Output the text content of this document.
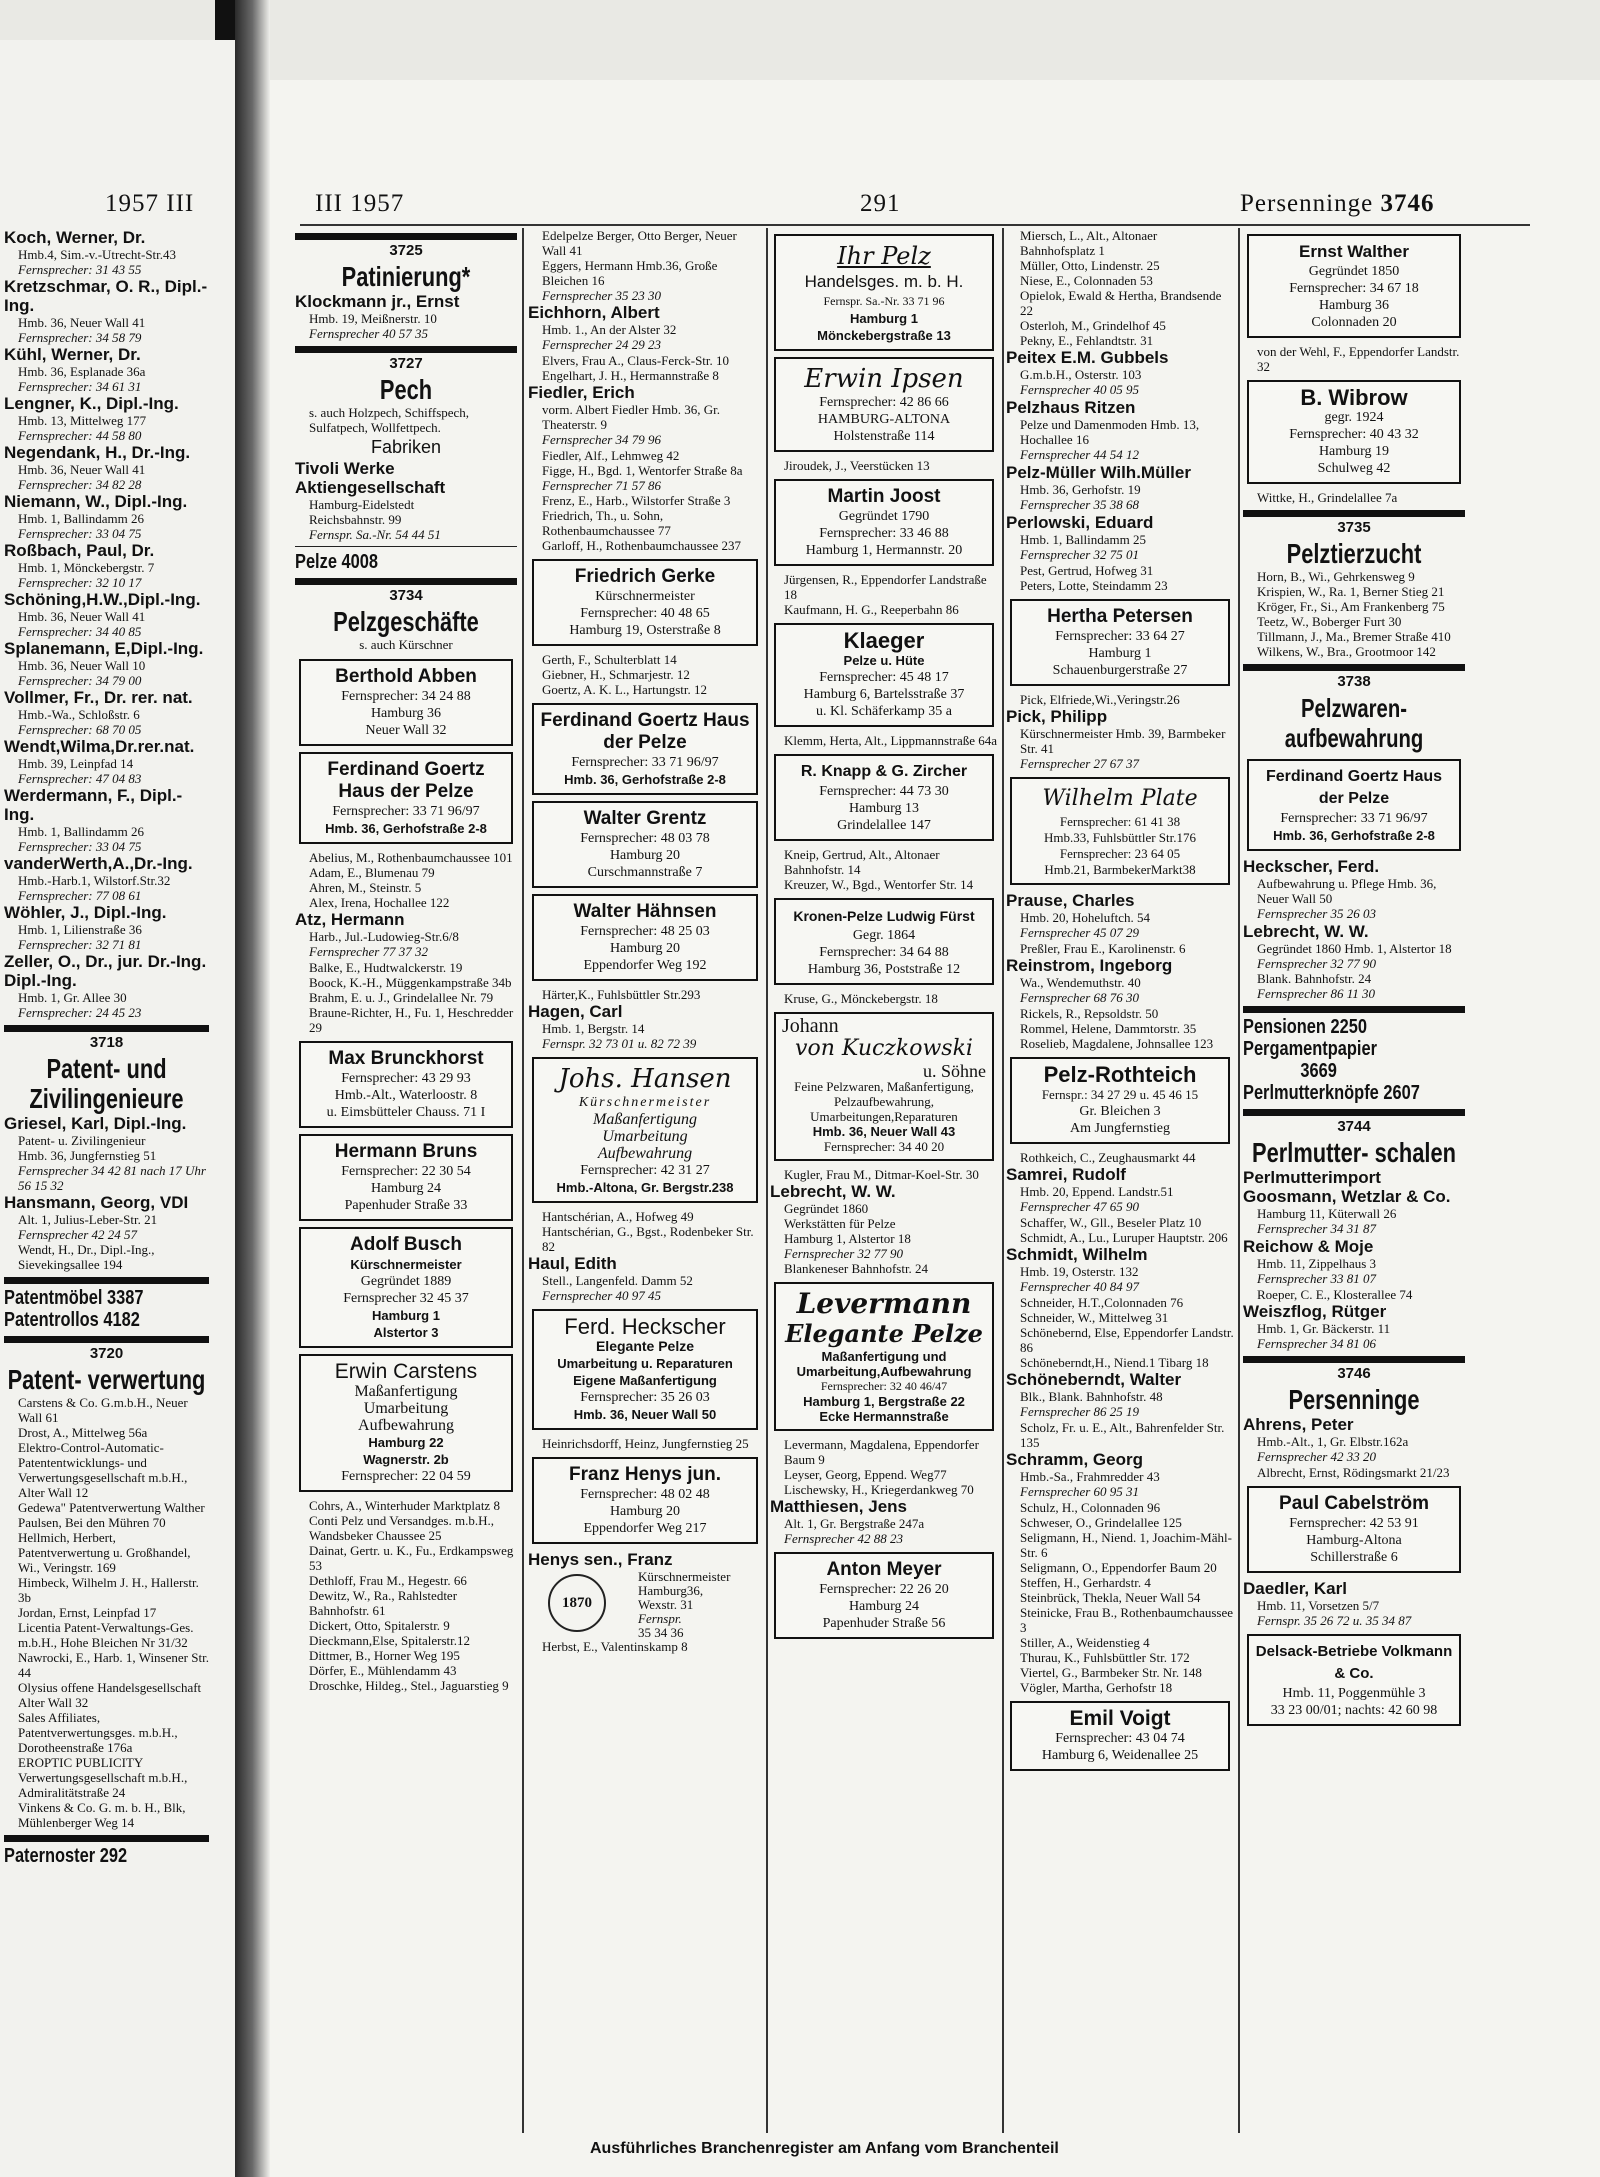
1957 III	III 1957	291	Persenninge 3746
Koch, Werner, Dr.
Hmb.4, Sim.-v.-Utrecht-Str.43
Fernsprecher: 31 43 55
Kretzschmar, O. R., Dipl.-Ing.
Hmb. 36, Neuer Wall 41
Fernsprecher: 34 58 79
Kühl, Werner, Dr.
Hmb. 36, Esplanade 36a
Fernsprecher: 34 61 31
Lengner, K., Dipl.-Ing.
Hmb. 13, Mittelweg 177
Fernsprecher: 44 58 80
Negendank, H., Dr.-Ing.
Hmb. 36, Neuer Wall 41
Fernsprecher: 34 82 28
Niemann, W., Dipl.-Ing.
Hmb. 1, Ballindamm 26
Fernsprecher: 33 04 75
Roßbach, Paul, Dr.
Hmb. 1, Mönckebergstr. 7
Fernsprecher: 32 10 17
Schöning,H.W.,Dipl.-Ing.
Hmb. 36, Neuer Wall 41
Fernsprecher: 34 40 85
Splanemann, E,Dipl.-Ing.
Hmb. 36, Neuer Wall 10
Fernsprecher: 34 79 00
Vollmer, Fr., Dr. rer. nat.
Hmb.-Wa., Schloßstr. 6
Fernsprecher: 68 70 05
Wendt,Wilma,Dr.rer.nat.
Hmb. 39, Leinpfad 14
Fernsprecher: 47 04 83
Werdermann, F., Dipl.-Ing.
Hmb. 1, Ballindamm 26
Fernsprecher: 33 04 75
vanderWerth,A.,Dr.-Ing.
Hmb.-Harb.1, Wilstorf.Str.32
Fernsprecher: 77 08 61
Wöhler, J., Dipl.-Ing.
Hmb. 1, Lilienstraße 36
Fernsprecher: 32 71 81
Zeller, O., Dr., jur. Dr.-Ing. Dipl.-Ing.
Hmb. 1, Gr. Allee 30
Fernsprecher: 24 45 23
3718
Patent- und Zivilingenieure
Griesel, Karl, Dipl.-Ing.
Patent- u. Zivilingenieur
Hmb. 36, Jungfernstieg 51
Fernsprecher 34 42 81 nach 17 Uhr 56 15 32
Hansmann, Georg, VDI
Alt. 1, Julius-Leber-Str. 21
Fernsprecher 42 24 57
Wendt, H., Dr., Dipl.-Ing., Sievekingsallee 194
Patentmöbel 3387
Patentrollos 4182
3720
Patent- verwertung
Carstens & Co. G.m.b.H., Neuer Wall 61
Drost, A., Mittelweg 56a
Elektro-Control-Automatic-Patententwicklungs- und Verwertungsgesellschaft m.b.H., Alter Wall 12
Gedewa" Patentverwertung Walther Paulsen, Bei den Mühren 70
Hellmich, Herbert, Patentverwertung u. Großhandel, Wi., Veringstr. 169
Himbeck, Wilhelm J. H., Hallerstr. 3b
Jordan, Ernst, Leinpfad 17
Licentia Patent-Verwaltungs-Ges. m.b.H., Hohe Bleichen Nr 31/32
Nawrocki, E., Harb. 1, Winsener Str. 44
Olysius offene Handelsgesellschaft Alter Wall 32
Sales Affiliates, Patentverwertungsges. m.b.H., Dorotheenstraße 176a
EROPTIC PUBLICITY Verwertungsgesellschaft m.b.H., Admiralitätstraße 24
Vinkens & Co. G. m. b. H., Blk, Mühlenberger Weg 14
Paternoster 292
3725
Patinierung*
Klockmann jr., Ernst
Hmb. 19, Meißnerstr. 10
Fernsprecher 40 57 35
3727
Pech
s. auch Holzpech, Schiffspech, Sulfatpech, Wollfettpech.
Fabriken
Tivoli Werke Aktiengesellschaft
Hamburg-Eidelstedt
Reichsbahnstr. 99
Fernspr. Sa.-Nr. 54 44 51
Pelze 4008
3734
Pelzgeschäfte
s. auch Kürschner
Berthold Abben
Fernsprecher: 34 24 88
Hamburg 36
Neuer Wall 32
Ferdinand Goertz Haus der Pelze
Fernsprecher: 33 71 96/97
Hmb. 36, Gerhofstraße 2-8
Abelius, M., Rothenbaumchaussee 101
Adam, E., Blumenau 79
Ahren, M., Steinstr. 5
Alex, Irena, Hochallee 122
Atz, Hermann
Harb., Jul.-Ludowieg-Str.6/8
Fernsprecher 77 37 32
Balke, E., Hudtwalckerstr. 19
Boock, K.-H., Müggenkampstraße 34b
Brahm, E. u. J., Grindelallee Nr. 79
Braune-Richter, H., Fu. 1, Heschredder 29
Max Brunckhorst
Fernsprecher: 43 29 93
Hmb.-Alt., Waterloostr. 8
u. Eimsbütteler Chauss. 71 I
Hermann Bruns
Fernsprecher: 22 30 54
Hamburg 24
Papenhuder Straße 33
Adolf Busch
Kürschnermeister
Gegründet 1889
Fernsprecher 32 45 37
Hamburg 1
Alstertor 3
Erwin Carstens
Maßanfertigung
Umarbeitung
Aufbewahrung
Hamburg 22
Wagnerstr. 2b
Fernsprecher: 22 04 59
Cohrs, A., Winterhuder Marktplatz 8
Conti Pelz und Versandges. m.b.H., Wandsbeker Chaussee 25
Dainat, Gertr. u. K., Fu., Erdkampsweg 53
Dethloff, Frau M., Hegestr. 66
Dewitz, W., Ra., Rahlstedter Bahnhofstr. 61
Dickert, Otto, Spitalerstr. 9
Dieckmann,Else, Spitalerstr.12
Dittmer, B., Horner Weg 195
Dörfer, E., Mühlendamm 43
Droschke, Hildeg., Stel., Jaguarstieg 9
Edelpelze Berger, Otto Berger, Neuer Wall 41
Eggers, Hermann Hmb.36, Große Bleichen 16
Fernsprecher 35 23 30
Eichhorn, Albert
Hmb. 1., An der Alster 32
Fernsprecher 24 29 23
Elvers, Frau A., Claus-Ferck-Str. 10
Engelhart, J. H., Hermannstraße 8
Fiedler, Erich
vorm. Albert Fiedler Hmb. 36, Gr. Theaterstr. 9
Fernsprecher 34 79 96
Fiedler, Alf., Lehmweg 42
Figge, H., Bgd. 1, Wentorfer Straße 8a
Fernsprecher 71 57 86
Frenz, E., Harb., Wilstorfer Straße 3
Friedrich, Th., u. Sohn, Rothenbaumchaussee 77
Garloff, H., Rothenbaumchaussee 237
Friedrich Gerke
Kürschnermeister
Fernsprecher: 40 48 65
Hamburg 19, Osterstraße 8
Gerth, F., Schulterblatt 14
Giebner, H., Schmarjestr. 12
Goertz, A. K. L., Hartungstr. 12
Ferdinand Goertz Haus der Pelze
Fernsprecher: 33 71 96/97
Hmb. 36, Gerhofstraße 2-8
Walter Grentz
Fernsprecher: 48 03 78
Hamburg 20
Curschmannstraße 7
Walter Hähnsen
Fernsprecher: 48 25 03
Hamburg 20
Eppendorfer Weg 192
Härter,K., Fuhlsbüttler Str.293
Hagen, Carl
Hmb. 1, Bergstr. 14
Fernspr. 32 73 01 u. 82 72 39
Johs. Hansen
Kürschnermeister
Maßanfertigung
Umarbeitung
Aufbewahrung
Fernsprecher: 42 31 27
Hmb.-Altona, Gr. Bergstr.238
Hantschérian, A., Hofweg 49
Hantschérian, G., Bgst., Rodenbeker Str. 82
Haul, Edith
Stell., Langenfeld. Damm 52
Fernsprecher 40 97 45
Ferd. Heckscher
Elegante Pelze
Umarbeitung u. Reparaturen
Eigene Maßanfertigung
Fernsprecher: 35 26 03
Hmb. 36, Neuer Wall 50
Heinrichsdorff, Heinz, Jungfernstieg 25
Franz Henys jun.
Fernsprecher: 48 02 48
Hamburg 20
Eppendorfer Weg 217
Henys sen., Franz
1870
Kürschnermeister
Hamburg36,
Wexstr. 31
Fernspr.
35 34 36
Herbst, E., Valentinskamp 8
Ihr Pelz
Handelsges. m. b. H.
Fernspr. Sa.-Nr. 33 71 96
Hamburg 1
Mönckebergstraße 13
Erwin Ipsen
Fernsprecher: 42 86 66
HAMBURG-ALTONA
Holstenstraße 114
Jiroudek, J., Veerstücken 13
Martin Joost
Gegründet 1790
Fernsprecher: 33 46 88
Hamburg 1, Hermannstr. 20
Jürgensen, R., Eppendorfer Landstraße 18
Kaufmann, H. G., Reeperbahn 86
Klaeger
Pelze u. Hüte
Fernsprecher: 45 48 17
Hamburg 6, Bartelsstraße 37
u. Kl. Schäferkamp 35 a
Klemm, Herta, Alt., Lippmannstraße 64a
R. Knapp & G. Zircher
Fernsprecher: 44 73 30
Hamburg 13
Grindelallee 147
Kneip, Gertrud, Alt., Altonaer Bahnhofstr. 14
Kreuzer, W., Bgd., Wentorfer Str. 14
Kronen-Pelze Ludwig Fürst
Gegr. 1864
Fernsprecher: 34 64 88
Hamburg 36, Poststraße 12
Kruse, G., Mönckebergstr. 18
Johann
von Kuczkowski
u. Söhne
Feine Pelzwaren, Maßanfertigung, Pelzaufbewahrung, Umarbeitungen,Reparaturen
Hmb. 36, Neuer Wall 43
Fernsprecher: 34 40 20
Kugler, Frau M., Ditmar-Koel-Str. 30
Lebrecht, W. W.
Gegründet 1860
Werkstätten für Pelze
Hamburg 1, Alstertor 18
Fernsprecher 32 77 90
Blankeneser Bahnhofstr. 24
Levermann
Elegante Pelze
Maßanfertigung und
Umarbeitung,Aufbewahrung
Fernsprecher: 32 40 46/47
Hamburg 1, Bergstraße 22
Ecke Hermannstraße
Levermann, Magdalena, Eppendorfer Baum 9
Leyser, Georg, Eppend. Weg77
Lischewsky, H., Kriegerdankweg 70
Matthiesen, Jens
Alt. 1, Gr. Bergstraße 247a
Fernsprecher 42 88 23
Anton Meyer
Fernsprecher: 22 26 20
Hamburg 24
Papenhuder Straße 56
Miersch, L., Alt., Altonaer Bahnhofsplatz 1
Müller, Otto, Lindenstr. 25
Niese, E., Colonnaden 53
Opielok, Ewald & Hertha, Brandsende 22
Osterloh, M., Grindelhof 45
Pekny, E., Fehlandtstr. 31
Peitex E.M. Gubbels
G.m.b.H., Osterstr. 103
Fernsprecher 40 05 95
Pelzhaus Ritzen
Pelze und Damenmoden Hmb. 13, Hochallee 16
Fernsprecher 44 54 12
Pelz-Müller Wilh.Müller
Hmb. 36, Gerhofstr. 19
Fernsprecher 35 38 68
Perlowski, Eduard
Hmb. 1, Ballindamm 25
Fernsprecher 32 75 01
Pest, Gertrud, Hofweg 31
Peters, Lotte, Steindamm 23
Hertha Petersen
Fernsprecher: 33 64 27
Hamburg 1
Schauenburgerstraße 27
Pick, Elfriede,Wi.,Veringstr.26
Pick, Philipp
Kürschnermeister Hmb. 39, Barmbeker Str. 41
Fernsprecher 27 67 37
Wilhelm Plate
Fernsprecher: 61 41 38
Hmb.33, Fuhlsbüttler Str.176
Fernsprecher: 23 64 05
Hmb.21, BarmbekerMarkt38
Prause, Charles
Hmb. 20, Hoheluftch. 54
Fernsprecher 45 07 29
Preßler, Frau E., Karolinenstr. 6
Reinstrom, Ingeborg
Wa., Wendemuthstr. 40
Fernsprecher 68 76 30
Rickels, R., Repsoldstr. 50
Rommel, Helene, Dammtorstr. 35
Roselieb, Magdalene, Johnsallee 123
Pelz-Rothteich
Fernspr.: 34 27 29 u. 45 46 15
Gr. Bleichen 3
Am Jungfernstieg
Rothkeich, C., Zeughausmarkt 44
Samrei, Rudolf
Hmb. 20, Eppend. Landstr.51
Fernsprecher 47 65 90
Schaffer, W., Gll., Beseler Platz 10
Schmidt, A., Lu., Luruper Hauptstr. 206
Schmidt, Wilhelm
Hmb. 19, Osterstr. 132
Fernsprecher 40 84 97
Schneider, H.T.,Colonnaden 76
Schneider, W., Mittelweg 31
Schönebernd, Else, Eppendorfer Landstr. 86
Schöneberndt,H., Niend.1 Tibarg 18
Schöneberndt, Walter
Blk., Blank. Bahnhofstr. 48
Fernsprecher 86 25 19
Scholz, Fr. u. E., Alt., Bahrenfelder Str. 135
Schramm, Georg
Hmb.-Sa., Frahmredder 43
Fernsprecher 60 95 31
Schulz, H., Colonnaden 96
Schweser, O., Grindelallee 125
Seligmann, H., Niend. 1, Joachim-Mähl-Str. 6
Seligmann, O., Eppendorfer Baum 20
Steffen, H., Gerhardstr. 4
Steinbrück, Thekla, Neuer Wall 54
Steinicke, Frau B., Rothenbaumchaussee 3
Stiller, A., Weidenstieg 4
Thurau, K., Fuhlsbüttler Str. 172
Viertel, G., Barmbeker Str. Nr. 148
Vögler, Martha, Gerhofstr 18
Emil Voigt
Fernsprecher: 43 04 74
Hamburg 6, Weidenallee 25
Ernst Walther
Gegründet 1850
Fernsprecher: 34 67 18
Hamburg 36
Colonnaden 20
von der Wehl, F., Eppendorfer Landstr. 32
B. Wibrow
gegr. 1924
Fernsprecher: 40 43 32
Hamburg 19
Schulweg 42
Wittke, H., Grindelallee 7a
3735
Pelztierzucht
Horn, B., Wi., Gehrkensweg 9
Krispien, W., Ra. 1, Berner Stieg 21
Kröger, Fr., Si., Am Frankenberg 75
Teetz, W., Boberger Furt 30
Tillmann, J., Ma., Bremer Straße 410
Wilkens, W., Bra., Grootmoor 142
3738
Pelzwaren- aufbewahrung
Ferdinand Goertz Haus der Pelze
Fernsprecher: 33 71 96/97
Hmb. 36, Gerhofstraße 2-8
Heckscher, Ferd.
Aufbewahrung u. Pflege Hmb. 36, Neuer Wall 50
Fernsprecher 35 26 03
Lebrecht, W. W.
Gegründet 1860 Hmb. 1, Alstertor 18
Fernsprecher 32 77 90
Blank. Bahnhofstr. 24
Fernsprecher 86 11 30
Pensionen 2250
Pergamentpapier
3669
Perlmutterknöpfe 2607
3744
Perlmutter- schalen
Perlmutterimport Goosmann, Wetzlar & Co.
Hamburg 11, Küterwall 26
Fernsprecher 34 31 87
Reichow & Moje
Hmb. 11, Zippelhaus 3
Fernsprecher 33 81 07
Roeper, C. E., Klosterallee 74
Weiszflog, Rütger
Hmb. 1, Gr. Bäckerstr. 11
Fernsprecher 34 81 06
3746
Persenninge
Ahrens, Peter
Hmb.-Alt., 1, Gr. Elbstr.162a
Fernsprecher 42 33 20
Albrecht, Ernst, Rödingsmarkt 21/23
Paul Cabelström
Fernsprecher: 42 53 91
Hamburg-Altona
Schillerstraße 6
Daedler, Karl
Hmb. 11, Vorsetzen 5/7
Fernspr. 35 26 72 u. 35 34 87
Delsack-Betriebe Volkmann & Co.
Hmb. 11, Poggenmühle 3
33 23 00/01; nachts: 42 60 98
Ausführliches Branchenregister am Anfang vom Branchenteil
